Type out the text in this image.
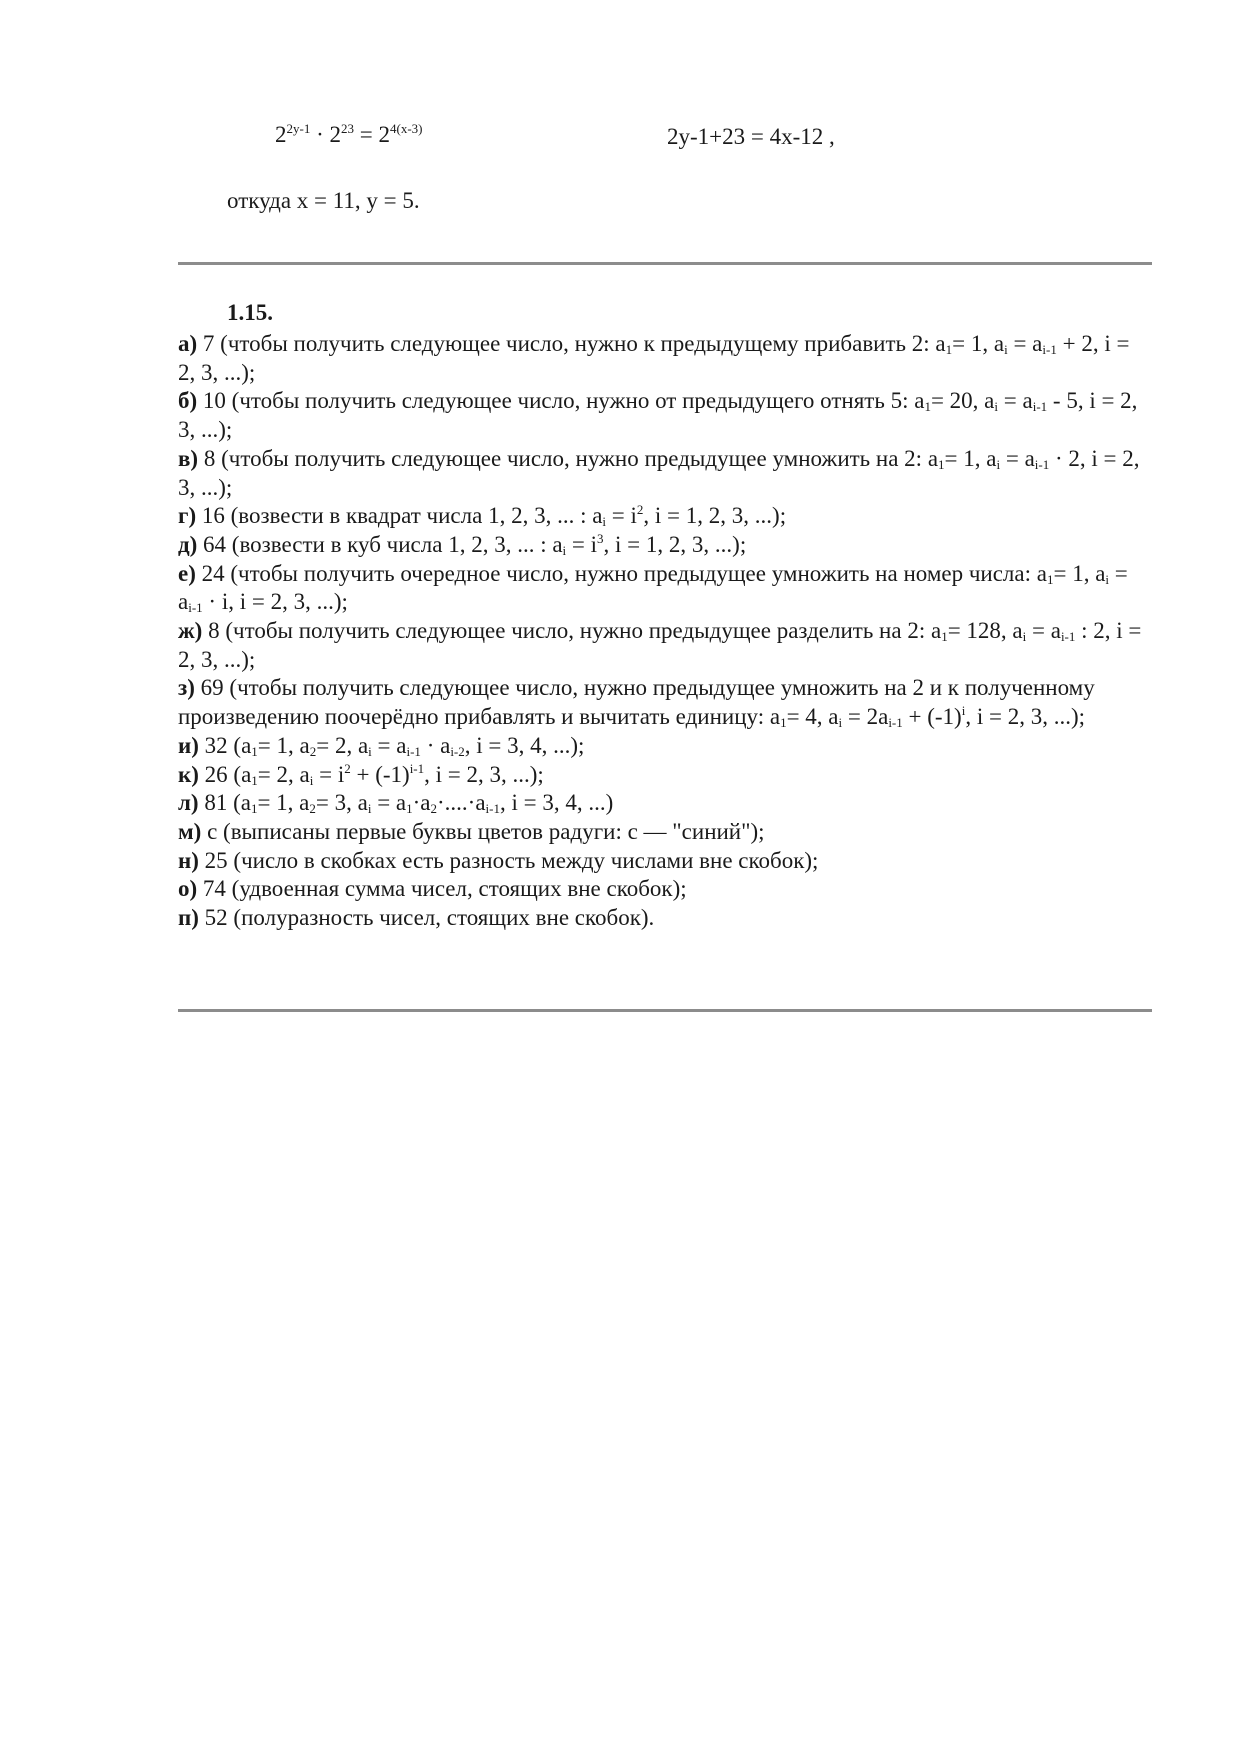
$2^{2y-1} \cdot 2^{23} = 2^{4(x-3)}$	2y-1+23 = 4x-12 ,
откуда x = 11, y = 5.
1.15.

а) 7 (чтобы получить следующее число, нужно к предыдущему прибавить 2: $a_1= 1$, $a_i = a_{i-1} + 2$, i = 2, 3, ...);

б) 10 (чтобы получить следующее число, нужно от предыдущего отнять 5: $a_1= 20$, $a_i = a_{i-1} - 5$, i = 2, 3, ...);

в) 8 (чтобы получить следующее число, нужно предыдущее умножить на 2: $a_1= 1$, $a_i = a_{i-1} \cdot 2$, i = 2, 3, ...);

г) 16 (возвести в квадрат числа 1, 2, 3, ... : $a_i = i^2$, i = 1, 2, 3, ...);

д) 64 (возвести в куб числа 1, 2, 3, ... : $a_i = i^3$, i = 1, 2, 3, ...);

е) 24 (чтобы получить очередное число, нужно предыдущее умножить на номер числа: $a_1= 1$, $a_i = a_{i-1} \cdot i$, i = 2, 3, ...);

ж) 8 (чтобы получить следующее число, нужно предыдущее разделить на 2: $a_1= 128$, $a_i = a_{i-1}$ : 2, i = 2, 3, ...);

з) 69 (чтобы получить следующее число, нужно предыдущее умножить на 2 и к полученному произведению поочерёдно прибавлять и вычитать единицу: $a_1= 4$, $a_i = 2a_{i-1} + (-1)^i$, i = 2, 3, ...);

и) 32 ($a_1= 1$, $a_2= 2$, $a_i = a_{i-1} \cdot a_{i-2}$, i = 3, 4, ...);

к) 26 ($a_1= 2$, $a_i = i^2 + (-1)^{i-1}$, i = 2, 3, ...);

л) 81 ($a_1= 1$, $a_2= 3$, $a_i = a_1\cdot a_2\cdot....\cdot a_{i-1}$, i = 3, 4, ...)

м) с (выписаны первые буквы цветов радуги: с — "синий");

н) 25 (число в скобках есть разность между числами вне скобок);

о) 74 (удвоенная сумма чисел, стоящих вне скобок);

п) 52 (полуразность чисел, стоящих вне скобок).
